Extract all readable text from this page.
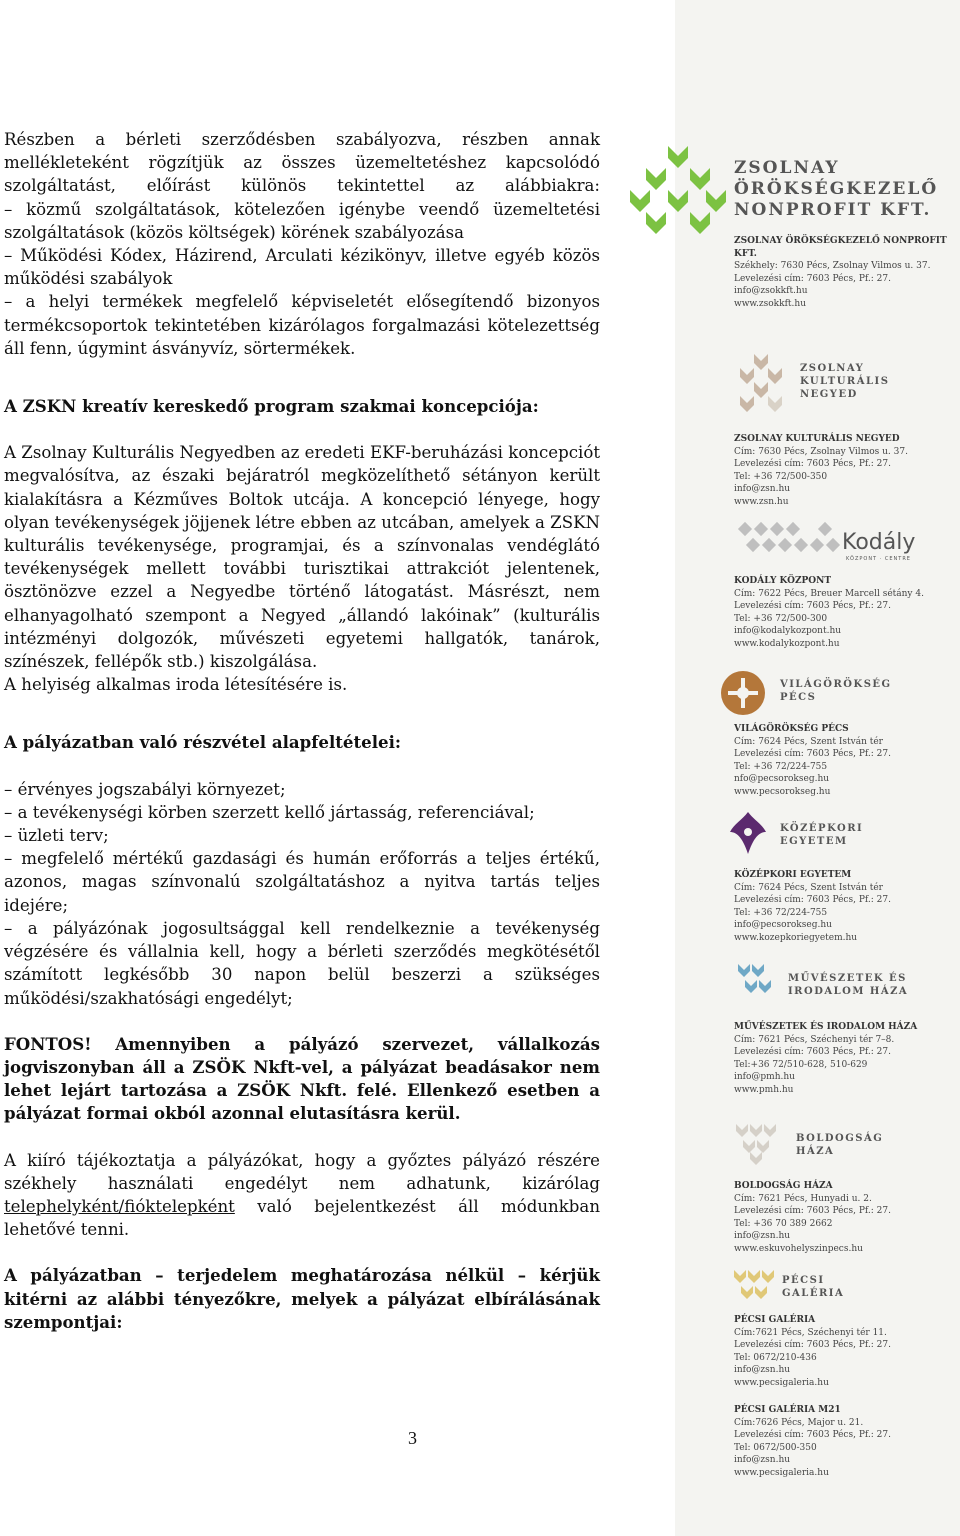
Részben a bérleti szerződésben szabályozva, részben annak mellékleteként rögzítjük az összes üzemeltetéshez kapcsolódó szolgáltatást, előírást különös tekintettel az alábbiakra:

– közmű szolgáltatások, kötelezően igénybe veendő üzemeltetési szolgáltatások (közös költségek) körének szabályozása

– Működési Kódex, Házirend, Arculati kézikönyv, illetve egyéb közös működési szabályok

– a helyi termékek megfelelő képviseletét elősegítendő bizonyos termékcsoportok tekintetében kizárólagos forgalmazási kötelezettség áll fenn, úgymint ásványvíz, sörtermékek.

A ZSKN kreatív kereskedő program szakmai koncepciója:

A Zsolnay Kulturális Negyedben az eredeti EKF-beruházási koncepciót megvalósítva, az északi bejáratról megközelíthető sétányon került kialakításra a Kézműves Boltok utcája. A koncepció lényege, hogy olyan tevékenységek jöjjenek létre ebben az utcában, amelyek a ZSKN kulturális tevékenysége, programjai, és a színvonalas vendéglátó tevékenységek mellett további turisztikai attrakciót jelentenek, ösztönözve ezzel a Negyedbe történő látogatást. Másrészt, nem elhanyagolható szempont a Negyed „állandó lakóinak” (kulturális intézményi dolgozók, művészeti egyetemi hallgatók, tanárok, színészek, fellépők stb.) kiszolgálása.

A helyiség alkalmas iroda létesítésére is.

A pályázatban való részvétel alapfeltételei:

– érvényes jogszabályi környezet;

– a tevékenységi körben szerzett kellő jártasság, referenciával;

– üzleti terv;

– megfelelő mértékű gazdasági és humán erőforrás a teljes értékű, azonos, magas színvonalú szolgáltatáshoz a nyitva tartás teljes idejére;

– a pályázónak jogosultsággal kell rendelkeznie a tevékenység végzésére és vállalnia kell, hogy a bérleti szerződés megkötésétől számított legkésőbb 30 napon belül beszerzi a szükséges működési/szakhatósági engedélyt;

FONTOS! Amennyiben a pályázó szervezet, vállalkozás jogviszonyban áll a ZSÖK Nkft-vel, a pályázat beadásakor nem lehet lejárt tartozása a ZSÖK Nkft. felé. Ellenkező esetben a pályázat formai okból azonnal elutasításra kerül.

A kiíró tájékoztatja a pályázókat, hogy a győztes pályázó részére székhely használati engedélyt nem adhatunk, kizárólag telephelyként/fióktelepként való bejelentkezést áll módunkban lehetővé tenni.

A pályázatban – terjedelem meghatározása nélkül – kérjük kitérni az alábbi tényezőkre, melyek a pályázat elbírálásának szempontjai:

3
ZSOLNAY
ÖRÖKSÉGKEZELŐ
NONPROFIT KFT.
ZSOLNAY ÖRÖKSÉGKEZELŐ NONPROFIT KFT.
Székhely: 7630 Pécs, Zsolnay Vilmos u. 37.
Levelezési cím: 7603 Pécs, Pf.: 27.
info@zsokkft.hu
www.zsokkft.hu
ZSOLNAY
KULTURÁLIS
NEGYED
ZSOLNAY KULTURÁLIS NEGYED
Cím: 7630 Pécs, Zsolnay Vilmos u. 37.
Levelezési cím: 7603 Pécs, Pf.: 27.
Tel: +36 72/500-350
info@zsn.hu
www.zsn.hu
Kodály
KÖZPONT · CENTRE
KODÁLY KÖZPONT
Cím: 7622 Pécs, Breuer Marcell sétány 4.
Levelezési cím: 7603 Pécs, Pf.: 27.
Tel: +36 72/500-300
info@kodalykozpont.hu
www.kodalykozpont.hu
VILÁGÖRÖKSÉG
PÉCS
VILÁGÖRÖKSÉG PÉCS
Cím: 7624 Pécs, Szent István tér
Levelezési cím: 7603 Pécs, Pf.: 27.
Tel: +36 72/224-755
nfo@pecsorokseg.hu
www.pecsorokseg.hu
KÖZÉPKORI
EGYETEM
KÖZÉPKORI EGYETEM
Cím: 7624 Pécs, Szent István tér
Levelezési cím: 7603 Pécs, Pf.: 27.
Tel: +36 72/224-755
info@pecsorokseg.hu
www.kozepkoriegyetem.hu
MŰVÉSZETEK ÉS
IRODALOM HÁZA
MŰVÉSZETEK ÉS IRODALOM HÁZA
Cím: 7621 Pécs, Széchenyi tér 7–8.
Levelezési cím: 7603 Pécs, Pf.: 27.
Tel:+36 72/510-628, 510-629
info@pmh.hu
www.pmh.hu
BOLDOGSÁG
HÁZA
BOLDOGSÁG HÁZA
Cím: 7621 Pécs, Hunyadi u. 2.
Levelezési cím: 7603 Pécs, Pf.: 27.
Tel: +36 70 389 2662
info@zsn.hu
www.eskuvohelyszinpecs.hu
PÉCSI
GALÉRIA
PÉCSI GALÉRIA
Cím:7621 Pécs, Széchenyi tér 11.
Levelezési cím: 7603 Pécs, Pf.: 27.
Tel: 0672/210-436
info@zsn.hu
www.pecsigaleria.hu
PÉCSI GALÉRIA M21
Cím:7626 Pécs, Major u. 21.
Levelezési cím: 7603 Pécs, Pf.: 27.
Tel: 0672/500-350
info@zsn.hu
www.pecsigaleria.hu
